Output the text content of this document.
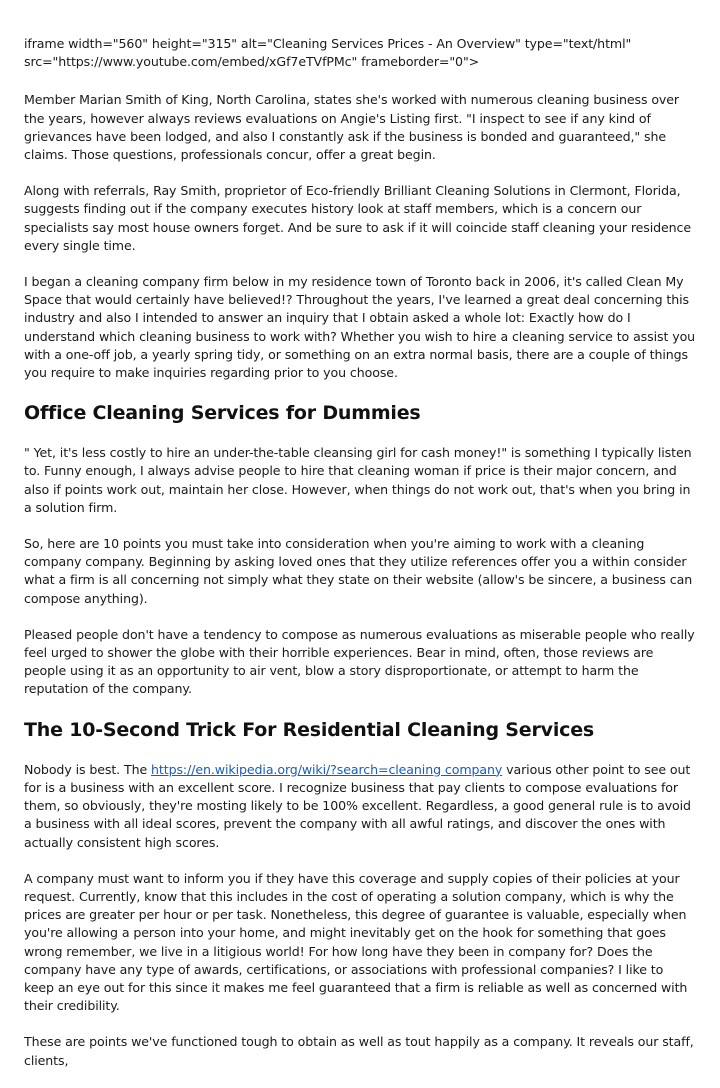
iframe width="560" height="315" alt="Cleaning Services Prices - An Overview" type="text/html" src="https://www.youtube.com/embed/xGf7eTVfPMc" frameborder="0">

Member Marian Smith of King, North Carolina, states she's worked with numerous cleaning business over the years, however always reviews evaluations on Angie's Listing first. "I inspect to see if any kind of grievances have been lodged, and also I constantly ask if the business is bonded and guaranteed," she claims. Those questions, professionals concur, offer a great begin.

Along with referrals, Ray Smith, proprietor of Eco-friendly Brilliant Cleaning Solutions in Clermont, Florida, suggests finding out if the company executes history look at staff members, which is a concern our specialists say most house owners forget. And be sure to ask if it will coincide staff cleaning your residence every single time.

I began a cleaning company firm below in my residence town of Toronto back in 2006, it's called Clean My Space that would certainly have believed!? Throughout the years, I've learned a great deal concerning this industry and also I intended to answer an inquiry that I obtain asked a whole lot: Exactly how do I understand which cleaning business to work with? Whether you wish to hire a cleaning service to assist you with a one-off job, a yearly spring tidy, or something on an extra normal basis, there are a couple of things you require to make inquiries regarding prior to you choose.

Office Cleaning Services for Dummies

" Yet, it's less costly to hire an under-the-table cleansing girl for cash money!" is something I typically listen to. Funny enough, I always advise people to hire that cleaning woman if price is their major concern, and also if points work out, maintain her close. However, when things do not work out, that's when you bring in a solution firm.

So, here are 10 points you must take into consideration when you're aiming to work with a cleaning company company. Beginning by asking loved ones that they utilize references offer you a within consider what a firm is all concerning not simply what they state on their website (allow's be sincere, a business can compose anything).

Pleased people don't have a tendency to compose as numerous evaluations as miserable people who really feel urged to shower the globe with their horrible experiences. Bear in mind, often, those reviews are people using it as an opportunity to air vent, blow a story disproportionate, or attempt to harm the reputation of the company.

The 10-Second Trick For Residential Cleaning Services

Nobody is best. The https://en.wikipedia.org/wiki/?search=cleaning company various other point to see out for is a business with an excellent score. I recognize business that pay clients to compose evaluations for them, so obviously, they're mosting likely to be 100% excellent. Regardless, a good general rule is to avoid a business with all ideal scores, prevent the company with all awful ratings, and discover the ones with actually consistent high scores.

A company must want to inform you if they have this coverage and supply copies of their policies at your request. Currently, know that this includes in the cost of operating a solution company, which is why the prices are greater per hour or per task. Nonetheless, this degree of guarantee is valuable, especially when you're allowing a person into your home, and might inevitably get on the hook for something that goes wrong remember, we live in a litigious world! For how long have they been in company for? Does the company have any type of awards, certifications, or associations with professional companies? I like to keep an eye out for this since it makes me feel guaranteed that a firm is reliable as well as concerned with their credibility.

These are points we've functioned tough to obtain as well as tout happily as a company. It reveals our staff, clients,
